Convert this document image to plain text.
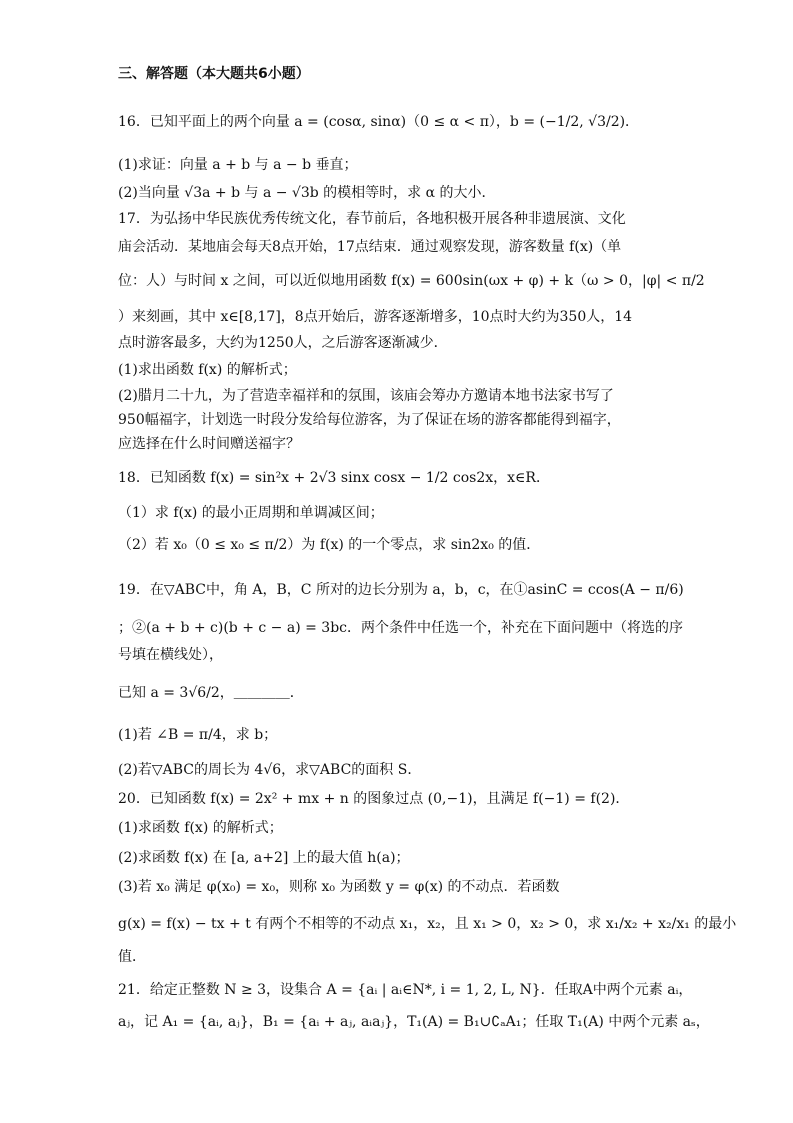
三、解答题（本大题共6小题）
16．已知平面上的两个向量 a = (cosα, sinα)（0 ≤ α < π），b = (−1/2, √3/2)．
(1)求证：向量 a + b 与 a − b 垂直；
(2)当向量 √3a + b 与 a − √3b 的模相等时，求 α 的大小．
17．为弘扬中华民族优秀传统文化，春节前后，各地积极开展各种非遗展演、文化
庙会活动．某地庙会每天8点开始，17点结束．通过观察发现，游客数量 f(x)（单
位：人）与时间 x 之间，可以近似地用函数 f(x) = 600sin(ωx + φ) + k（ω > 0，|φ| < π/2
）来刻画，其中 x∈[8,17]，8点开始后，游客逐渐增多，10点时大约为350人，14
点时游客最多，大约为1250人，之后游客逐渐减少．
(1)求出函数 f(x) 的解析式；
(2)腊月二十九，为了营造幸福祥和的氛围，该庙会筹办方邀请本地书法家书写了
950幅福字，计划选一时段分发给每位游客，为了保证在场的游客都能得到福字，
应选择在什么时间赠送福字？
18．已知函数 f(x) = sin²x + 2√3 sinx cosx − 1/2 cos2x，x∈R．
（1）求 f(x) 的最小正周期和单调减区间；
（2）若 x₀（0 ≤ x₀ ≤ π/2）为 f(x) 的一个零点，求 sin2x₀ 的值．
19．在▽ABC中，角 A，B，C 所对的边长分别为 a，b，c，在①asinC = ccos(A − π/6)
；②(a + b + c)(b + c − a) = 3bc．两个条件中任选一个，补充在下面问题中（将选的序
号填在横线处），
已知 a = 3√6/2，＿＿＿＿．
(1)若 ∠B = π/4，求 b；
(2)若▽ABC的周长为 4√6，求▽ABC的面积 S．
20．已知函数 f(x) = 2x² + mx + n 的图象过点 (0,−1)，且满足 f(−1) = f(2)．
(1)求函数 f(x) 的解析式；
(2)求函数 f(x) 在 [a, a+2] 上的最大值 h(a)；
(3)若 x₀ 满足 φ(x₀) = x₀，则称 x₀ 为函数 y = φ(x) 的不动点．若函数
g(x) = f(x) − tx + t 有两个不相等的不动点 x₁，x₂，且 x₁ > 0，x₂ > 0，求 x₁/x₂ + x₂/x₁ 的最小
值．
21．给定正整数 N ≥ 3，设集合 A = {aᵢ | aᵢ∈N*, i = 1, 2, L, N}．任取A中两个元素 aᵢ，
aⱼ，记 A₁ = {aᵢ, aⱼ}，B₁ = {aᵢ + aⱼ, aᵢaⱼ}，T₁(A) = B₁∪∁ₐA₁；任取 T₁(A) 中两个元素 aₛ，
